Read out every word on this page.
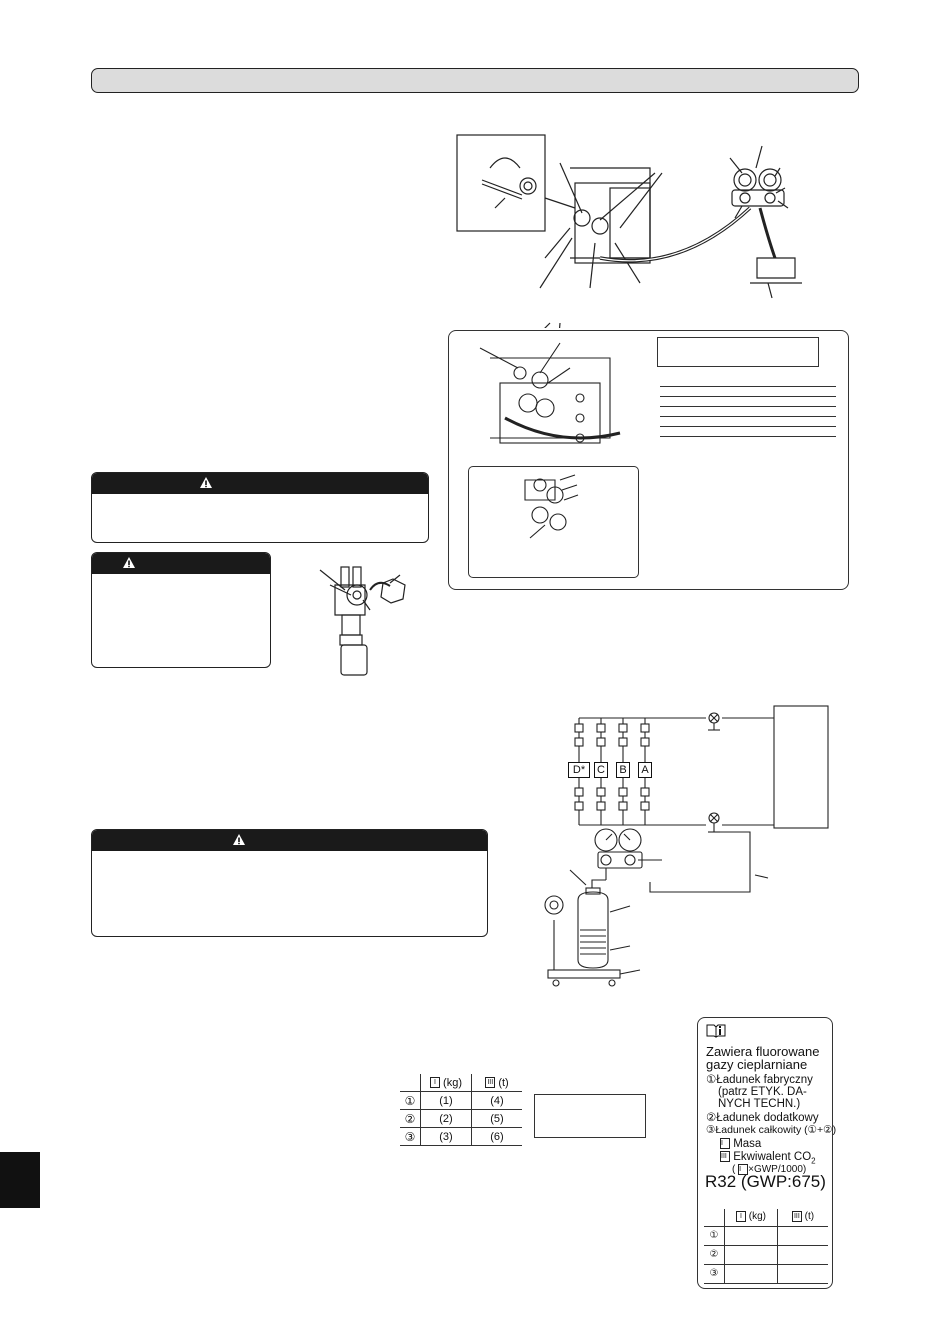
D*	C	B	A
	I (kg)	III (t)
①	(1)	(4)
②	(2)	(5)
③	(3)	(6)
Zawiera fluorowane
gazy cieplarniane
①Ładunek fabryczny
(patrz ETYK. DA-
NYCH TECHN.)
②Ładunek dodatkowy
③Ładunek całkowity (①+②)
I Masa
III Ekwiwalent $CO_2$
( I ×GWP/1000)
R32 (GWP:675)
	I (kg)	III (t)
①		
②		
③		
